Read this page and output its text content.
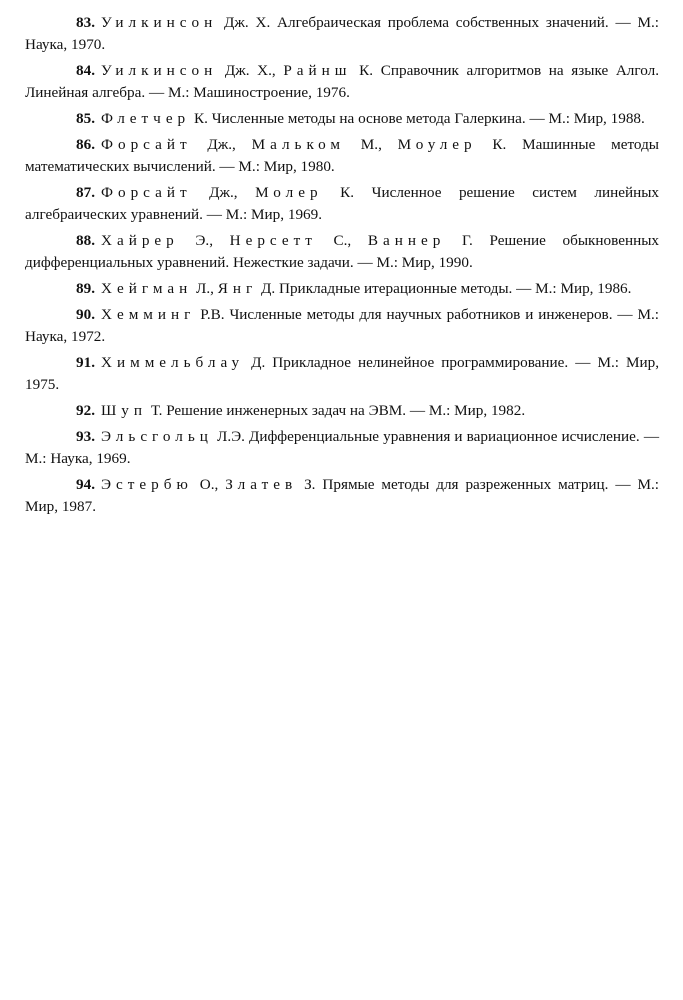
83. Уилкинсон Дж. Х. Алгебраическая проблема собственных значений. — М.: Наука, 1970.

84. Уилкинсон Дж. Х., Райнш К. Справочник алгоритмов на языке Алгол. Линейная алгебра. — М.: Машиностроение, 1976.

85. Флетчер К. Численные методы на основе метода Галеркина. — М.: Мир, 1988.

86. Форсайт Дж., Мальком М., Моулер К. Машинные методы математических вычислений. — М.: Мир, 1980.

87. Форсайт Дж., Молер К. Численное решение систем линейных алгебраических уравнений. — М.: Мир, 1969.

88. Хайрер Э., Нерсетт С., Ваннер Г. Решение обыкновенных дифференциальных уравнений. Нежесткие задачи. — М.: Мир, 1990.

89. Хейгман Л., Янг Д. Прикладные итерационные методы. — М.: Мир, 1986.

90. Хемминг Р.В. Численные методы для научных работников и инженеров. — М.: Наука, 1972.

91. Химмельблау Д. Прикладное нелинейное программирование. — М.: Мир, 1975.

92. Шуп Т. Решение инженерных задач на ЭВМ. — М.: Мир, 1982.

93. Эльсгольц Л.Э. Дифференциальные уравнения и вариационное исчисление. — М.: Наука, 1969.

94. Эстербю О., Златев З. Прямые методы для разреженных матриц. — М.: Мир, 1987.
